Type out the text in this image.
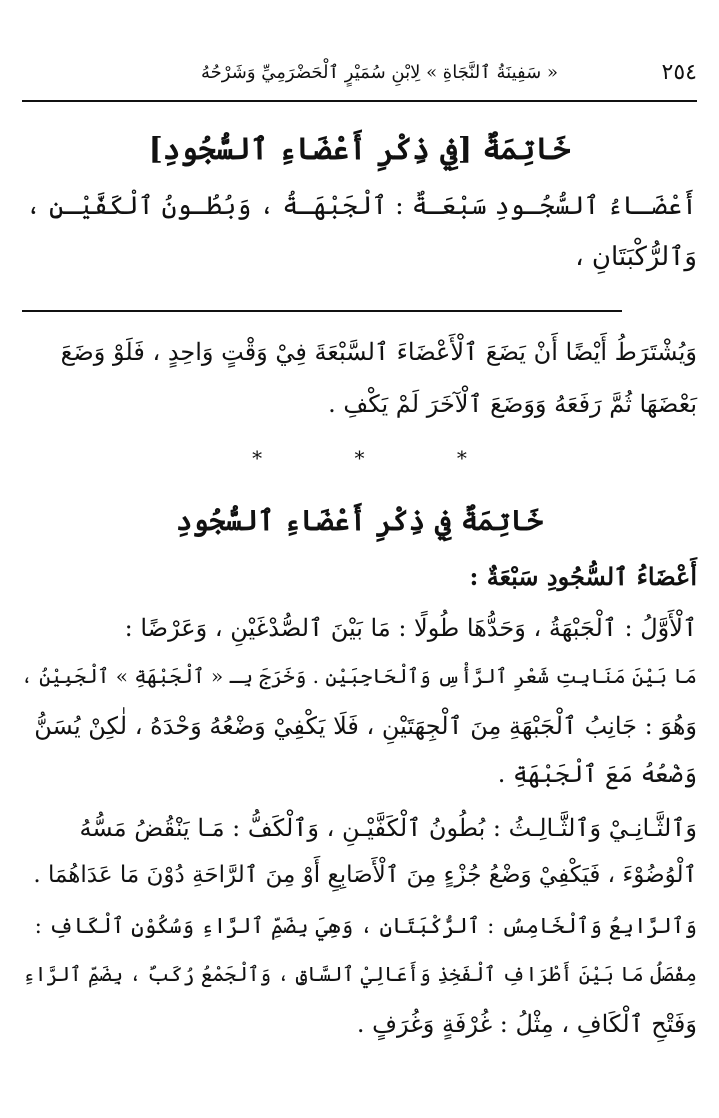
٢٥٤
« سَفِينَةُ ٱلنَّجَاةِ » لِابْنِ سُمَيْرٍ ٱلْحَضْرَمِيِّ وَشَرْحُهُ
خَاتِمَةٌ [فِي ذِكْرِ أَعْضَاءِ ٱلسُّجُودِ]
أَعْضَـاءُ ٱلسُّجُـودِ سَبْعَـةٌ : ٱلْجَبْهَـةُ ، وَبُطُـونُ ٱلْكَفَّيْـنِ ،
وَٱلرُّكْبَتَانِ ،
وَيُشْتَرَطُ أَيْضًا أَنْ يَضَعَ ٱلْأَعْضَاءَ ٱلسَّبْعَةَ فِيْ وَقْتٍ وَاحِدٍ ، فَلَوْ وَضَعَ
بَعْضَهَا ثُمَّ رَفَعَهُ وَوَضَعَ ٱلْآخَرَ لَمْ يَكْفِ .
* * *
خَاتِمَةٌ فِي ذِكْرِ أَعْضَاءِ ٱلسُّجُودِ
أَعْضَاءُ ٱلسُّجُودِ سَبْعَةٌ :
ٱلْأَوَّلُ : ٱلْجَبْهَةُ ، وَحَدُّهَا طُولًا : مَا بَيْنَ ٱلصُّدْغَيْنِ ، وَعَرْضًا :
مَا بَيْنَ مَنَابِتِ شَعْرِ ٱلرَّأْسِ وَٱلْحَاجِبَيْنِ . وَخَرَجَ بِـ « ٱلْجَبْهَةِ » ٱلْجَبِيْنُ ،
وَهُوَ : جَانِبُ ٱلْجَبْهَةِ مِنَ ٱلْجِهَتَيْنِ ، فَلَا يَكْفِيْ وَضْعُهُ وَحْدَهُ ، لٰكِنْ يُسَنُّ
وَضْعُهُ مَعَ ٱلْجَبْهَةِ .
وَٱلثَّـانِـيْ وَٱلثَّـالِـثُ : بُطُونُ ٱلْكَفَّيْـنِ ، وَٱلْكَفُّ : مَـا يَنْقُضُ مَسُّهُ
ٱلْوُضُوْءَ ، فَيَكْفِيْ وَضْعُ جُزْءٍ مِنَ ٱلْأَصَابِعِ أَوْ مِنَ ٱلرَّاحَةِ دُوْنَ مَا عَدَاهُمَا .
وَٱلرَّابِعُ وَٱلْخَامِسُ : ٱلرُّكْبَتَانِ ، وَهِيَ بِضَمِّ ٱلرَّاءِ وَسُكُوْنِ ٱلْكَافِ :
مِفْصَلُ مَا بَيْنَ أَطْرَافِ ٱلْفَخِذِ وَأَعَالِيْ ٱلسَّاقِ ، وَٱلْجَمْعُ رُكَبٌ ، بِضَمِّ ٱلرَّاءِ
وَفَتْحِ ٱلْكَافِ ، مِثْلُ : غُرْفَةٍ وَغُرَفٍ .
